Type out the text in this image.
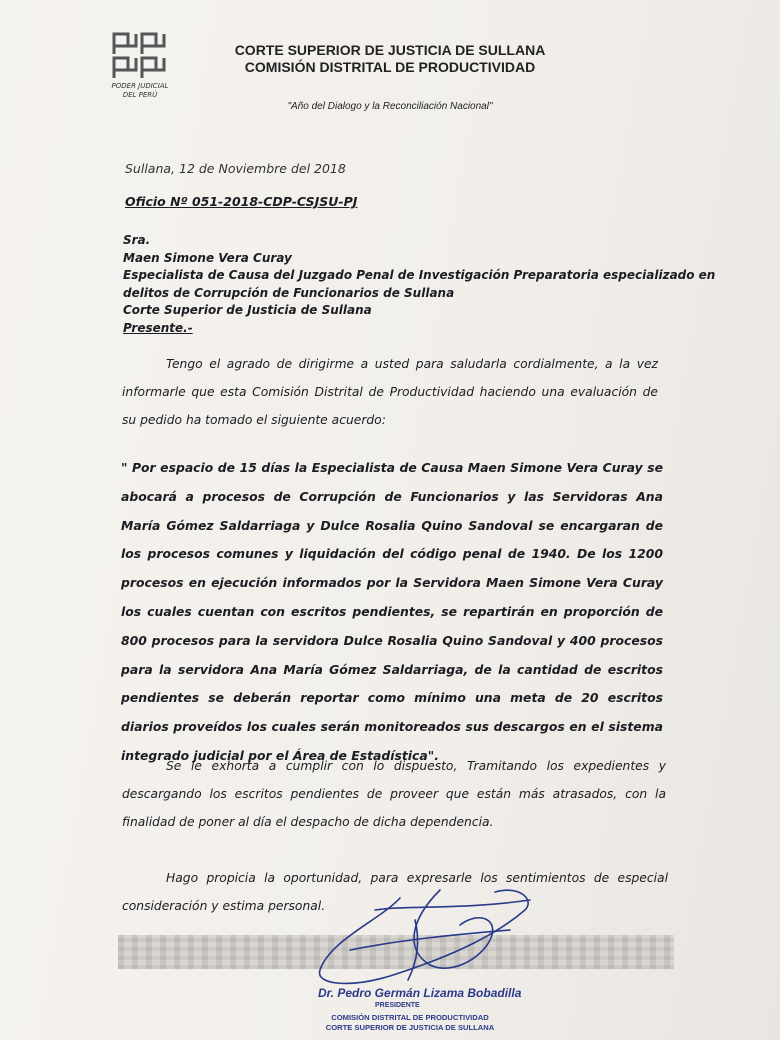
PODER JUDICIAL
DEL PERÚ
CORTE SUPERIOR DE JUSTICIA DE SULLANA
COMISIÓN DISTRITAL DE PRODUCTIVIDAD
"Año del Dialogo y la Reconciliación Nacional"
Sullana, 12 de Noviembre del 2018
Oficio Nº 051-2018-CDP-CSJSU-PJ
Sra.
Maen Simone Vera Curay
Especialista de Causa del Juzgado Penal de Investigación Preparatoria especializado en
delitos de Corrupción de Funcionarios de Sullana
Corte Superior de Justicia de Sullana
Presente.-
Tengo el agrado de dirigirme a usted para saludarla cordialmente, a la vez informarle que esta Comisión Distrital de Productividad haciendo una evaluación de su pedido ha tomado el siguiente acuerdo:
" Por espacio de 15 días la Especialista de Causa Maen Simone Vera Curay se abocará a procesos de Corrupción de Funcionarios y las Servidoras Ana María Gómez Saldarriaga y Dulce Rosalia Quino Sandoval se encargaran de los procesos comunes y liquidación del código penal de 1940. De los 1200 procesos en ejecución informados por la Servidora Maen Simone Vera Curay los cuales cuentan con escritos pendientes, se repartirán en proporción de 800 procesos para la servidora Dulce Rosalia Quino Sandoval y 400 procesos para la servidora Ana María Gómez Saldarriaga, de la cantidad de escritos pendientes se deberán reportar como mínimo una meta de 20 escritos diarios proveídos los cuales serán monitoreados sus descargos en el sistema integrado judicial por el Área de Estadística".
Se le exhorta a cumplir con lo dispuesto, Tramitando los expedientes y descargando los escritos pendientes de proveer que están más atrasados, con la finalidad de poner al día el despacho de dicha dependencia.
Hago propicia la oportunidad, para expresarle los sentimientos de especial consideración y estima personal.
Dr. Pedro Germán Lizama Bobadilla
PRESIDENTE
COMISIÓN DISTRITAL DE PRODUCTIVIDAD
CORTE SUPERIOR DE JUSTICIA DE SULLANA
